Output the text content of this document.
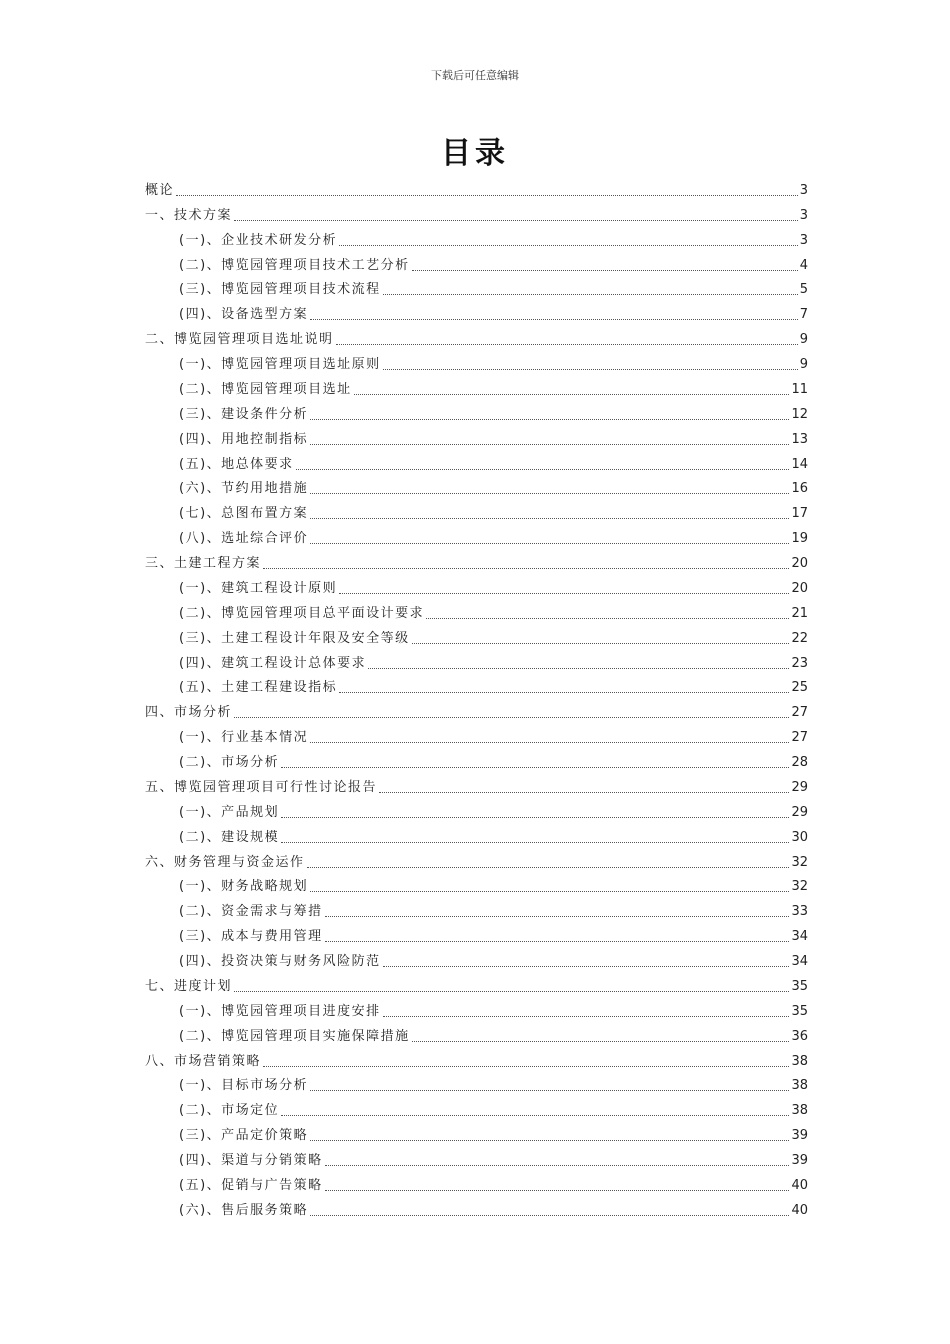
下载后可任意编辑
目录
概论	3
一、技术方案	3
(一)、企业技术研发分析	3
(二)、博览园管理项目技术工艺分析	4
(三)、博览园管理项目技术流程	5
(四)、设备选型方案	7
二、博览园管理项目选址说明	9
(一)、博览园管理项目选址原则	9
(二)、博览园管理项目选址	11
(三)、建设条件分析	12
(四)、用地控制指标	13
(五)、地总体要求	14
(六)、节约用地措施	16
(七)、总图布置方案	17
(八)、选址综合评价	19
三、土建工程方案	20
(一)、建筑工程设计原则	20
(二)、博览园管理项目总平面设计要求	21
(三)、土建工程设计年限及安全等级	22
(四)、建筑工程设计总体要求	23
(五)、土建工程建设指标	25
四、市场分析	27
(一)、行业基本情况	27
(二)、市场分析	28
五、博览园管理项目可行性讨论报告	29
(一)、产品规划	29
(二)、建设规模	30
六、财务管理与资金运作	32
(一)、财务战略规划	32
(二)、资金需求与筹措	33
(三)、成本与费用管理	34
(四)、投资决策与财务风险防范	34
七、进度计划	35
(一)、博览园管理项目进度安排	35
(二)、博览园管理项目实施保障措施	36
八、市场营销策略	38
(一)、目标市场分析	38
(二)、市场定位	38
(三)、产品定价策略	39
(四)、渠道与分销策略	39
(五)、促销与广告策略	40
(六)、售后服务策略	40
